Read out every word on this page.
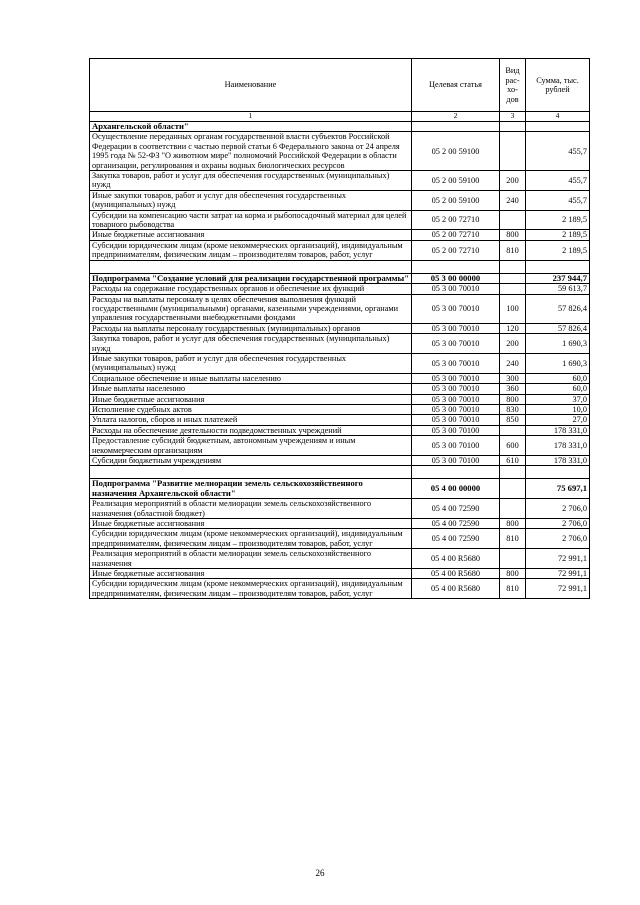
Наименование	Целевая статья	Вид рас- хо- дов	Сумма, тыс. рублей
1	2	3	4
Архангельской области"			
Осуществление переданных органам государственной власти субъектов Российской Федерации в соответствии с частью первой статьи 6 Федерального закона от 24 апреля 1995 года № 52-ФЗ "О животном мире" полномочий Российской Федерации в области организации, регулирования и охраны водных биологических ресурсов	05 2 00 59100		455,7
Закупка товаров, работ и услуг для обеспечения государственных (муниципальных) нужд	05 2 00 59100	200	455,7
Иные закупки товаров, работ и услуг для обеспечения государственных (муниципальных) нужд	05 2 00 59100	240	455,7
Субсидии на компенсацию части затрат на корма и рыбопосадочный материал для целей товарного рыбоводства	05 2 00 72710		2 189,5
Иные бюджетные ассигнования	05 2 00 72710	800	2 189,5
Субсидии юридическим лицам (кроме некоммерческих организаций), индивидуальным предпринимателям, физическим лицам – производителям товаров, работ, услуг	05 2 00 72710	810	2 189,5

Подпрограмма "Создание условий для реализации государственной программы"	05 3 00 00000		237 944,7
Расходы на содержание государственных органов и обеспечение их функций	05 3 00 70010		59 613,7
Расходы на выплаты персоналу в целях обеспечения выполнения функций государственными (муниципальными) органами, казенными учреждениями, органами управления государственными внебюджетными фондами	05 3 00 70010	100	57 826,4
Расходы на выплаты персоналу государственных (муниципальных) органов	05 3 00 70010	120	57 826,4
Закупка товаров, работ и услуг для обеспечения государственных (муниципальных) нужд	05 3 00 70010	200	1 690,3
Иные закупки товаров, работ и услуг для обеспечения государственных (муниципальных) нужд	05 3 00 70010	240	1 690,3
Социальное обеспечение и иные выплаты населению	05 3 00 70010	300	60,0
Иные выплаты населению	05 3 00 70010	360	60,0
Иные бюджетные ассигнования	05 3 00 70010	800	37,0
Исполнение судебных актов	05 3 00 70010	830	10,0
Уплата налогов, сборов и иных платежей	05 3 00 70010	850	27,0
Расходы на обеспечение деятельности подведомственных учреждений	05 3 00 70100		178 331,0
Предоставление субсидий бюджетным, автономным учреждениям и иным некоммерческим организациям	05 3 00 70100	600	178 331,0
Субсидии бюджетным учреждениям	05 3 00 70100	610	178 331,0

Подпрограмма "Развитие мелиорации земель сельскохозяйственного назначения Архангельской области"	05 4 00 00000		75 697,1
Реализация мероприятий в области мелиорации земель сельскохозяйственного назначения (областной бюджет)	05 4 00 72590		2 706,0
Иные бюджетные ассигнования	05 4 00 72590	800	2 706,0
Субсидии юридическим лицам (кроме некоммерческих организаций), индивидуальным предпринимателям, физическим лицам – производителям товаров, работ, услуг	05 4 00 72590	810	2 706,0
Реализация мероприятий в области мелиорации земель сельскохозяйственного назначения	05 4 00 R5680		72 991,1
Иные бюджетные ассигнования	05 4 00 R5680	800	72 991,1
Субсидии юридическим лицам (кроме некоммерческих организаций), индивидуальным предпринимателям, физическим лицам – производителям товаров, работ, услуг	05 4 00 R5680	810	72 991,1
26
